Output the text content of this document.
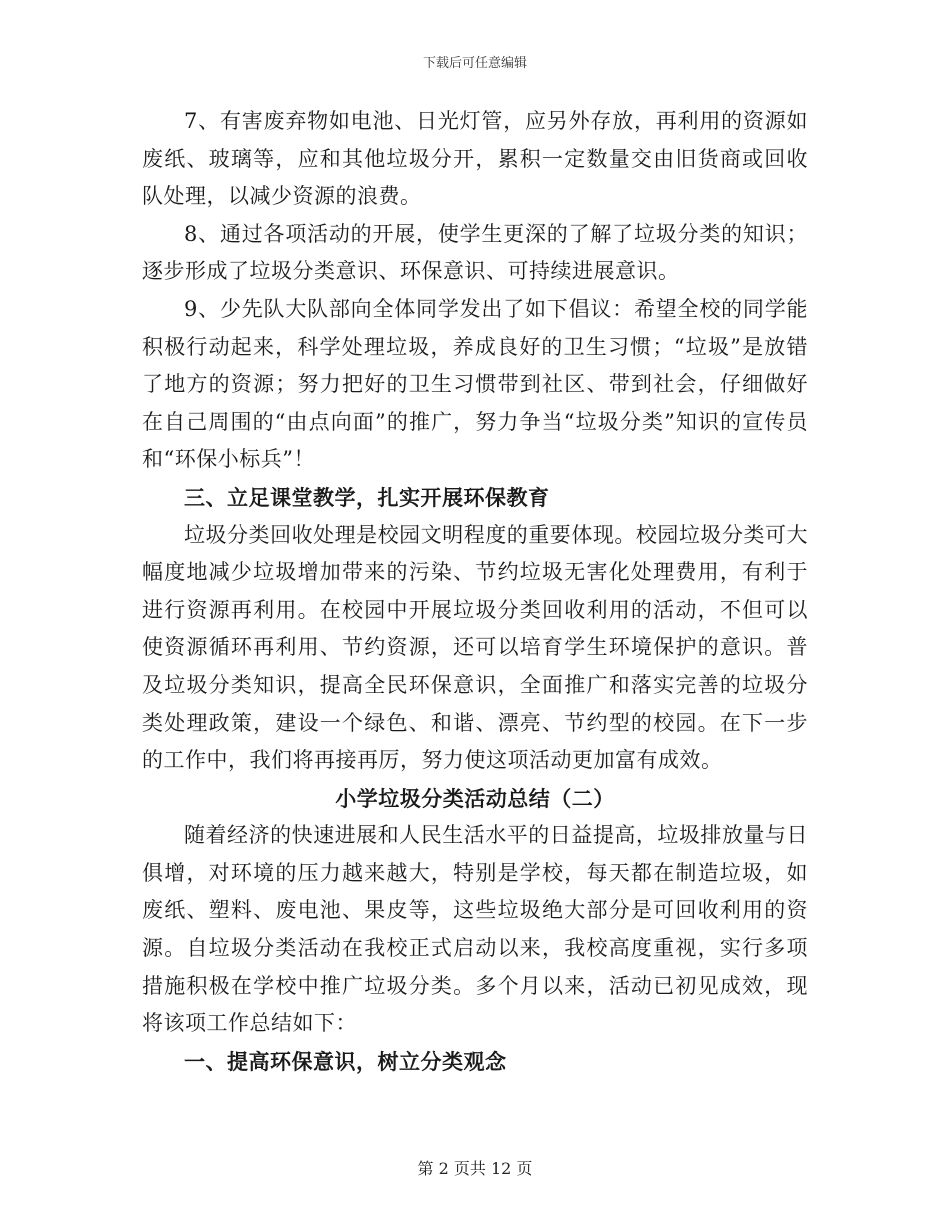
下载后可任意编辑

7、有害废弃物如电池、日光灯管，应另外存放，再利用的资源如废纸、玻璃等，应和其他垃圾分开，累积一定数量交由旧货商或回收队处理，以减少资源的浪费。

8、通过各项活动的开展，使学生更深的了解了垃圾分类的知识；逐步形成了垃圾分类意识、环保意识、可持续进展意识。

9、少先队大队部向全体同学发出了如下倡议：希望全校的同学能积极行动起来，科学处理垃圾，养成良好的卫生习惯；“垃圾”是放错了地方的资源；努力把好的卫生习惯带到社区、带到社会，仔细做好在自己周围的“由点向面”的推广，努力争当“垃圾分类”知识的宣传员和“环保小标兵”！

三、立足课堂教学，扎实开展环保教育

垃圾分类回收处理是校园文明程度的重要体现。校园垃圾分类可大幅度地减少垃圾增加带来的污染、节约垃圾无害化处理费用，有利于进行资源再利用。在校园中开展垃圾分类回收利用的活动，不但可以使资源循环再利用、节约资源，还可以培育学生环境保护的意识。普及垃圾分类知识，提高全民环保意识，全面推广和落实完善的垃圾分类处理政策，建设一个绿色、和谐、漂亮、节约型的校园。在下一步的工作中，我们将再接再厉，努力使这项活动更加富有成效。

小学垃圾分类活动总结（二）

随着经济的快速进展和人民生活水平的日益提高，垃圾排放量与日俱增，对环境的压力越来越大，特别是学校，每天都在制造垃圾，如废纸、塑料、废电池、果皮等，这些垃圾绝大部分是可回收利用的资源。自垃圾分类活动在我校正式启动以来，我校高度重视，实行多项措施积极在学校中推广垃圾分类。多个月以来，活动已初见成效，现将该项工作总结如下：

一、提高环保意识，树立分类观念

第 2 页共 12 页
